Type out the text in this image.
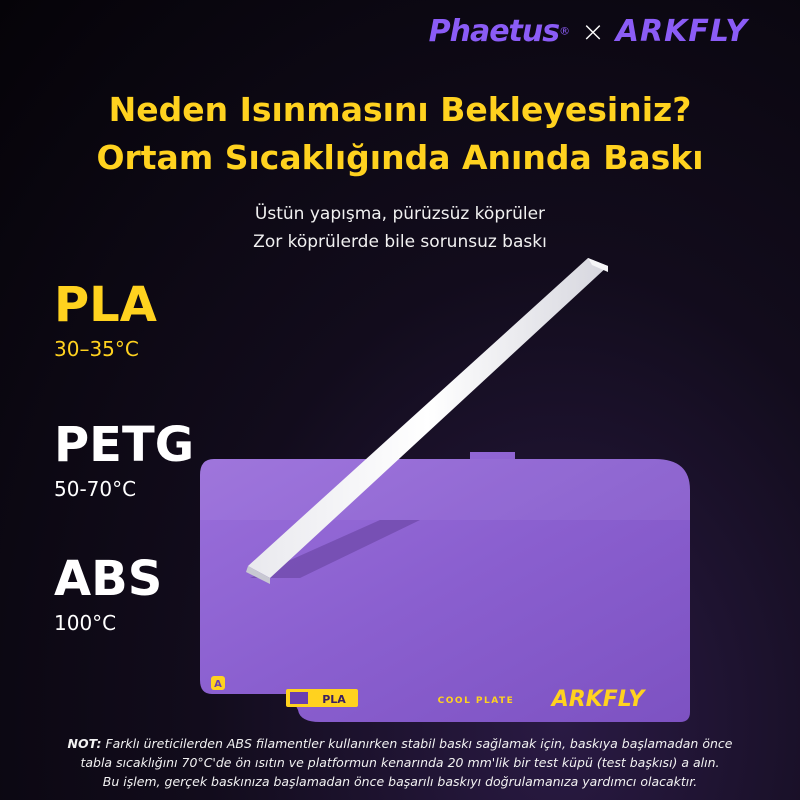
Phaetus® × ARKFLY
Neden Isınmasını Bekleyesiniz?
Ortam Sıcaklığında Anında Baskı
Üstün yapışma, pürüzsüz köprüler
Zor köprülerde bile sorunsuz baskı
A
PLA	COOL PLATE ARKFLY
PLA
30–35°C
PETG
50-70°C
ABS
100°C
NOT: Farklı üreticilerden ABS filamentler kullanırken stabil baskı sağlamak için, baskıya başlamadan önce
tabla sıcaklığını 70°C'de ön ısıtın ve platformun kenarında 20 mm'lik bir test küpü (test başkısı) a alın.
Bu işlem, gerçek baskınıza başlamadan önce başarılı baskıyı doğrulamanıza yardımcı olacaktır.
